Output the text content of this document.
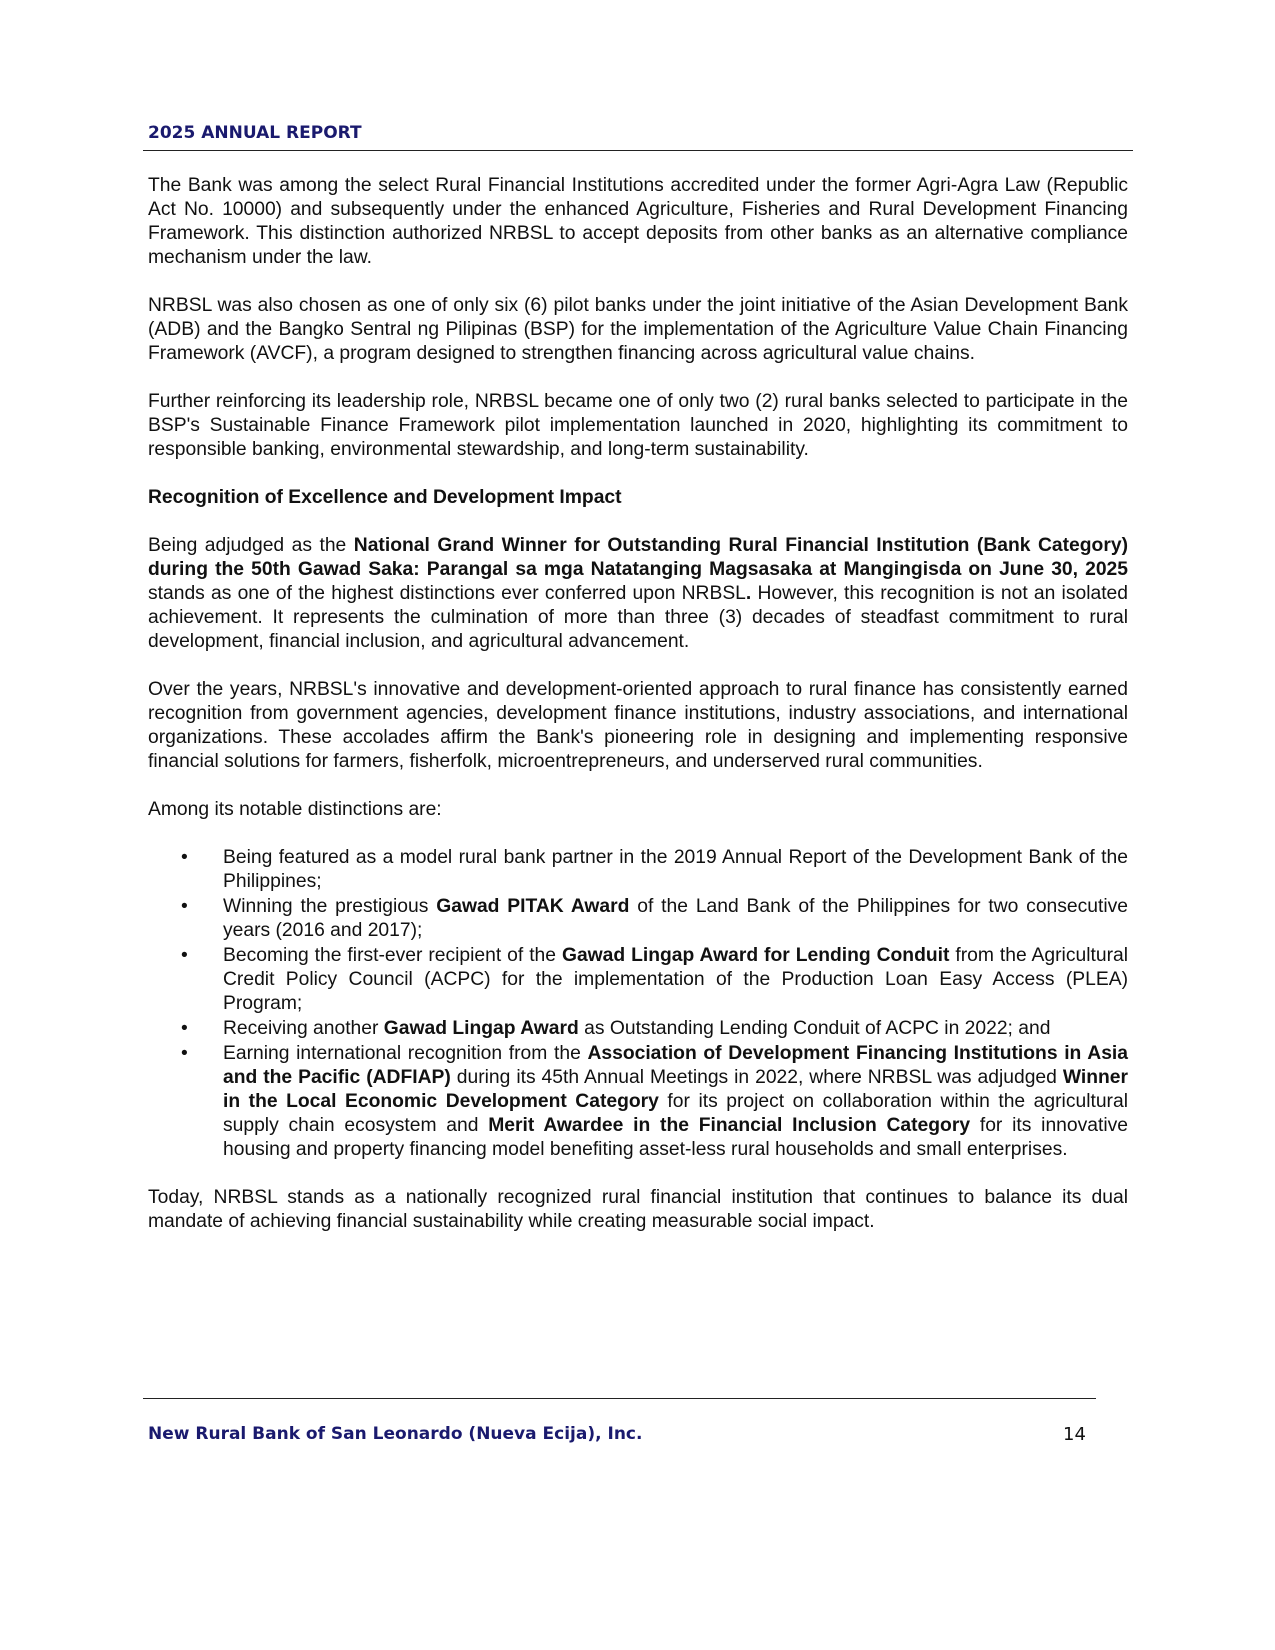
2025 ANNUAL REPORT

The Bank was among the select Rural Financial Institutions accredited under the former Agri-Agra Law (Republic Act No. 10000) and subsequently under the enhanced Agriculture, Fisheries and Rural Development Financing Framework. This distinction authorized NRBSL to accept deposits from other banks as an alternative compliance mechanism under the law.

NRBSL was also chosen as one of only six (6) pilot banks under the joint initiative of the Asian Development Bank (ADB) and the Bangko Sentral ng Pilipinas (BSP) for the implementation of the Agriculture Value Chain Financing Framework (AVCF), a program designed to strengthen financing across agricultural value chains.

Further reinforcing its leadership role, NRBSL became one of only two (2) rural banks selected to participate in the BSP's Sustainable Finance Framework pilot implementation launched in 2020, highlighting its commitment to responsible banking, environmental stewardship, and long-term sustainability.

Recognition of Excellence and Development Impact

Being adjudged as the National Grand Winner for Outstanding Rural Financial Institution (Bank Category) during the 50th Gawad Saka: Parangal sa mga Natatanging Magsasaka at Mangingisda on June 30, 2025 stands as one of the highest distinctions ever conferred upon NRBSL. However, this recognition is not an isolated achievement. It represents the culmination of more than three (3) decades of steadfast commitment to rural development, financial inclusion, and agricultural advancement.

Over the years, NRBSL's innovative and development-oriented approach to rural finance has consistently earned recognition from government agencies, development finance institutions, industry associations, and international organizations. These accolades affirm the Bank's pioneering role in designing and implementing responsive financial solutions for farmers, fisherfolk, microentrepreneurs, and underserved rural communities.

Among its notable distinctions are:

• Being featured as a model rural bank partner in the 2019 Annual Report of the Development Bank of the Philippines;
• Winning the prestigious Gawad PITAK Award of the Land Bank of the Philippines for two consecutive years (2016 and 2017);
• Becoming the first-ever recipient of the Gawad Lingap Award for Lending Conduit from the Agricultural Credit Policy Council (ACPC) for the implementation of the Production Loan Easy Access (PLEA) Program;
• Receiving another Gawad Lingap Award as Outstanding Lending Conduit of ACPC in 2022; and
• Earning international recognition from the Association of Development Financing Institutions in Asia and the Pacific (ADFIAP) during its 45th Annual Meetings in 2022, where NRBSL was adjudged Winner in the Local Economic Development Category for its project on collaboration within the agricultural supply chain ecosystem and Merit Awardee in the Financial Inclusion Category for its innovative housing and property financing model benefiting asset-less rural households and small enterprises.

Today, NRBSL stands as a nationally recognized rural financial institution that continues to balance its dual mandate of achieving financial sustainability while creating measurable social impact.

New Rural Bank of San Leonardo (Nueva Ecija), Inc.	14
